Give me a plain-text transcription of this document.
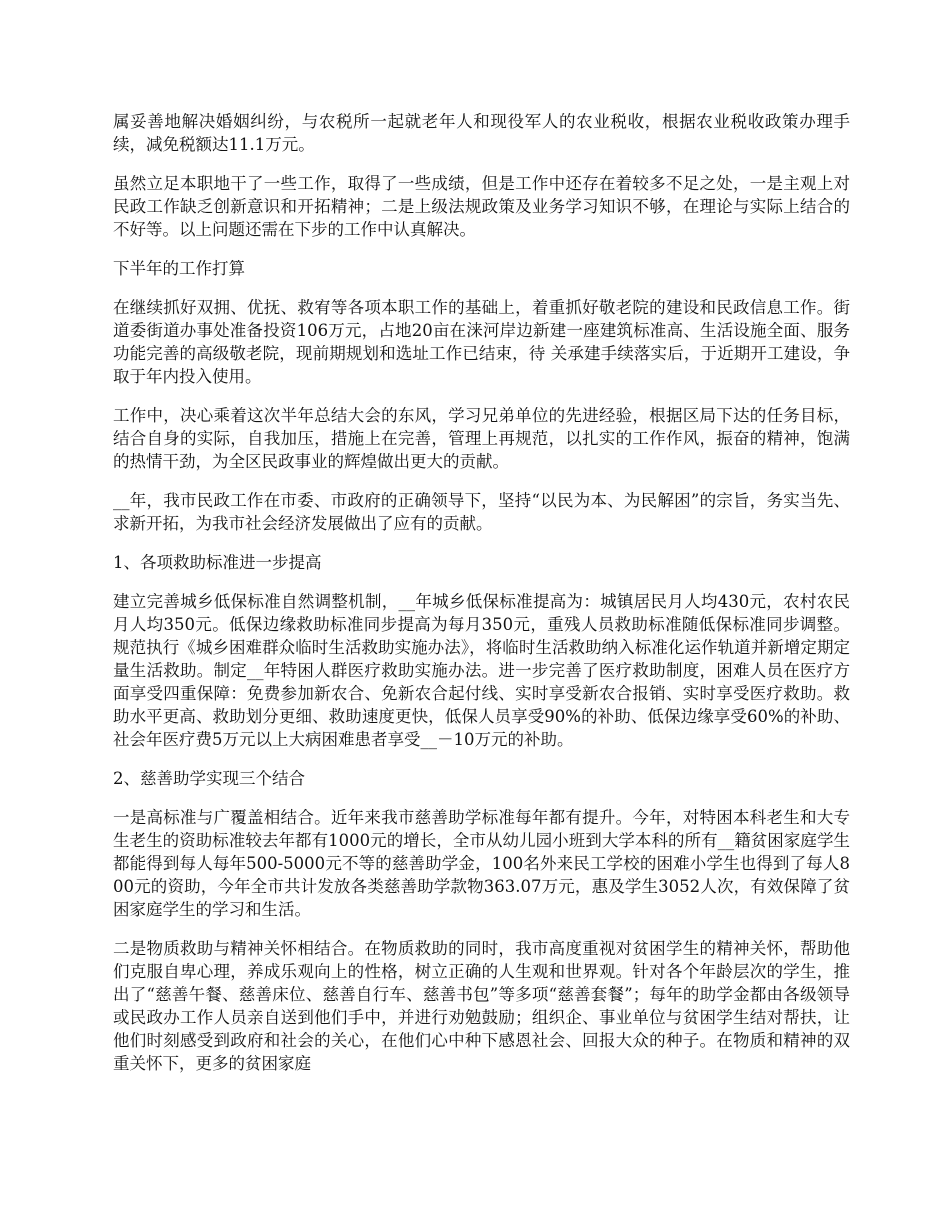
属妥善地解决婚姻纠纷，与农税所一起就老年人和现役军人的农业税收，根据农业税收政策办理手续，减免税额达11.1万元。

虽然立足本职地干了一些工作，取得了一些成绩，但是工作中还存在着较多不足之处，一是主观上对民政工作缺乏创新意识和开拓精神；二是上级法规政策及业务学习知识不够，在理论与实际上结合的不好等。以上问题还需在下步的工作中认真解决。

下半年的工作打算

在继续抓好双拥、优抚、救宥等各项本职工作的基础上，着重抓好敬老院的建设和民政信息工作。街道委街道办事处准备投资106万元，占地20亩在涞河岸边新建一座建筑标准高、生活设施全面、服务功能完善的高级敬老院，现前期规划和选址工作已结束，待 关承建手续落实后，于近期开工建设，争取于年内投入使用。

工作中，决心乘着这次半年总结大会的东风，学习兄弟单位的先进经验，根据区局下达的任务目标，结合自身的实际，自我加压，措施上在完善，管理上再规范，以扎实的工作作风，振奋的精神，饱满的热情干劲，为全区民政事业的辉煌做出更大的贡献。

__年，我市民政工作在市委、市政府的正确领导下，坚持“以民为本、为民解困”的宗旨，务实当先、求新开拓，为我市社会经济发展做出了应有的贡献。

1、各项救助标准进一步提高

建立完善城乡低保标准自然调整机制，__年城乡低保标准提高为：城镇居民月人均430元，农村农民月人均350元。低保边缘救助标准同步提高为每月350元，重残人员救助标准随低保标准同步调整。规范执行《城乡困难群众临时生活救助实施办法》，将临时生活救助纳入标准化运作轨道并新增定期定量生活救助。制定__年特困人群医疗救助实施办法。进一步完善了医疗救助制度，困难人员在医疗方面享受四重保障：免费参加新农合、免新农合起付线、实时享受新农合报销、实时享受医疗救助。救助水平更高、救助划分更细、救助速度更快，低保人员享受90%的补助、低保边缘享受60%的补助、社会年医疗费5万元以上大病困难患者享受__－10万元的补助。

2、慈善助学实现三个结合

一是高标准与广覆盖相结合。近年来我市慈善助学标准每年都有提升。今年，对特困本科老生和大专生老生的资助标准较去年都有1000元的增长，全市从幼儿园小班到大学本科的所有__籍贫困家庭学生都能得到每人每年500-5000元不等的慈善助学金，100名外来民工学校的困难小学生也得到了每人800元的资助，今年全市共计发放各类慈善助学款物363.07万元，惠及学生3052人次，有效保障了贫困家庭学生的学习和生活。

二是物质救助与精神关怀相结合。在物质救助的同时，我市高度重视对贫困学生的精神关怀，帮助他们克服自卑心理，养成乐观向上的性格，树立正确的人生观和世界观。针对各个年龄层次的学生，推出了“慈善午餐、慈善床位、慈善自行车、慈善书包”等多项“慈善套餐”；每年的助学金都由各级领导或民政办工作人员亲自送到他们手中，并进行劝勉鼓励；组织企、事业单位与贫困学生结对帮扶，让他们时刻感受到政府和社会的关心，在他们心中种下感恩社会、回报大众的种子。在物质和精神的双重关怀下，更多的贫困家庭
